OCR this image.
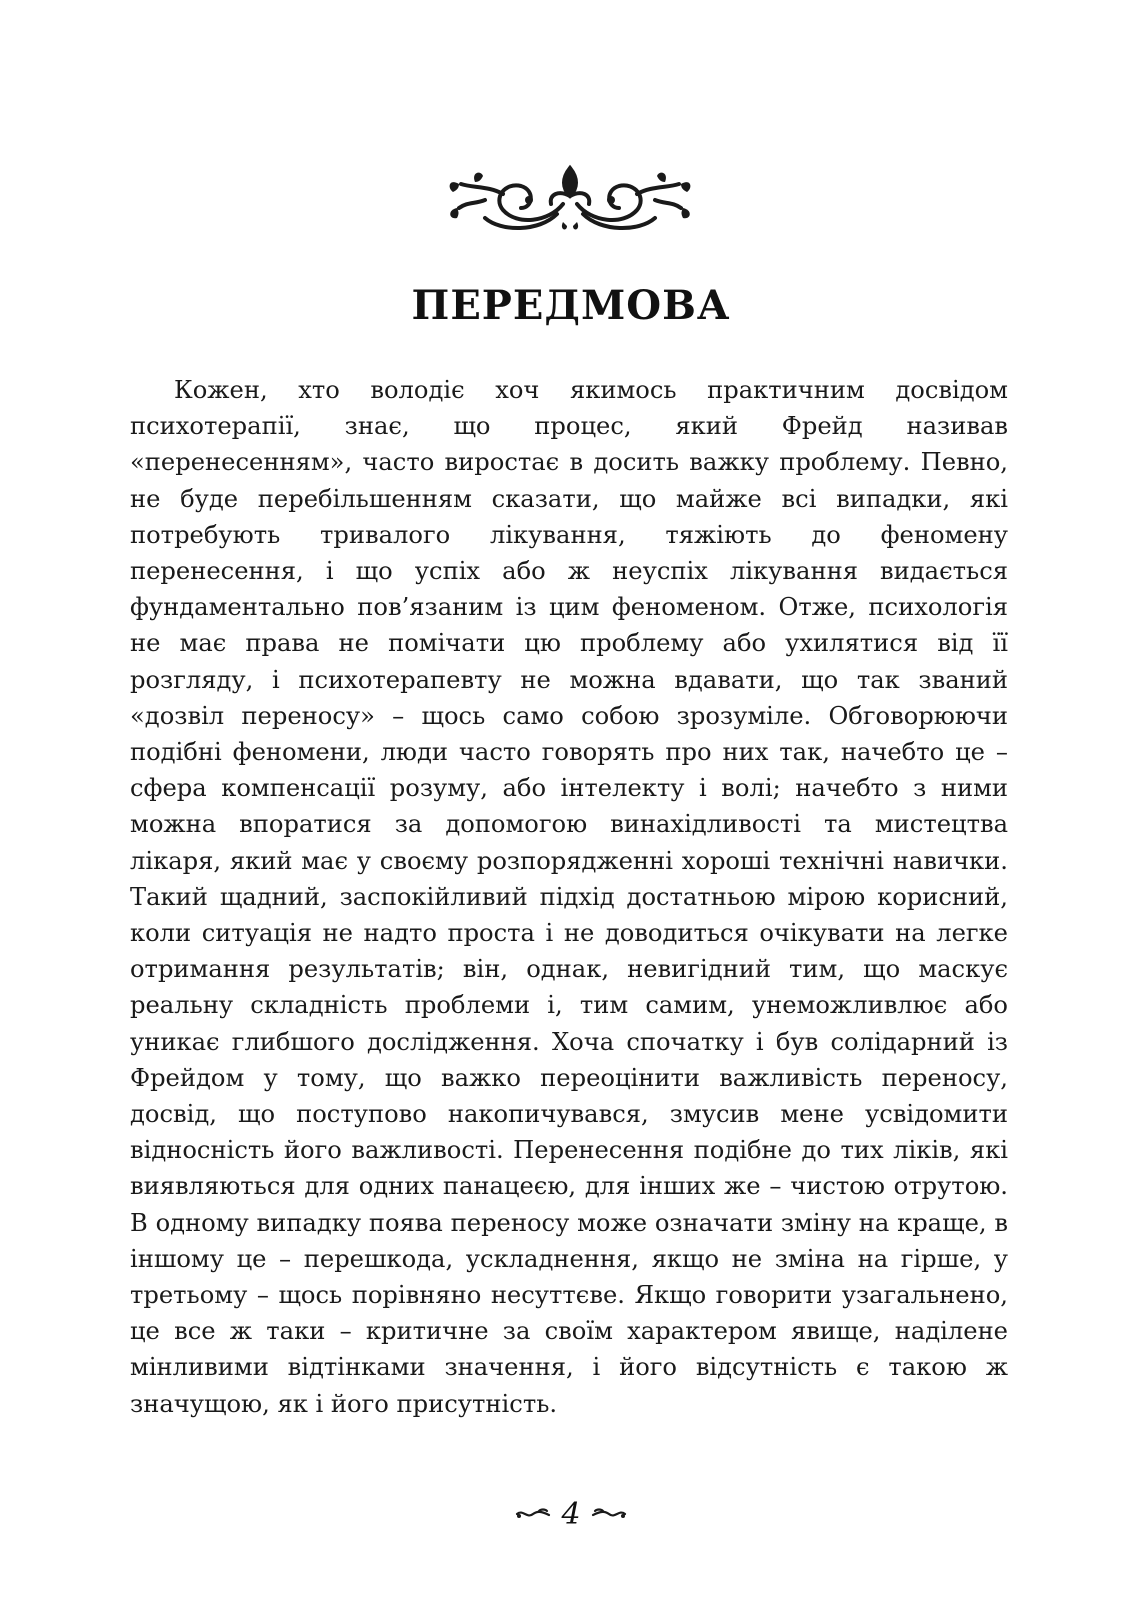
ПЕРЕДМОВА

Кожен, хто володіє хоч якимось практичним досвідом психотерапії, знає, що процес, який Фрейд називав «перенесенням», часто виростає в досить важку проблему. Певно, не буде перебільшенням сказати, що майже всі випадки, які потребують тривалого лікування, тяжіють до феномену перенесення, і що успіх або ж неуспіх лікування видається фундаментально пов’язаним із цим феноменом. Отже, психологія не має права не помічати цю проблему або ухилятися від її розгляду, і психотерапевту не можна вдавати, що так званий «дозвіл переносу» – щось само собою зрозуміле. Обговорюючи подібні феномени, люди часто говорять про них так, начебто це – сфера компенсації розуму, або інтелекту і волі; начебто з ними можна впоратися за допомогою винахідливості та мистецтва лікаря, який має у своєму розпорядженні хороші технічні навички. Такий щадний, заспокійливий підхід достатньою мірою корисний, коли ситуація не надто проста і не доводиться очікувати на легке отримання результатів; він, однак, невигідний тим, що маскує реальну складність проблеми і, тим самим, унеможливлює або уникає глибшого дослідження. Хоча спочатку і був солідарний із Фрейдом у тому, що важко переоцінити важливість переносу, досвід, що поступово накопичувався, змусив мене усвідомити відносність його важливості. Перенесення подібне до тих ліків, які виявляються для одних панацеєю, для інших же – чистою отрутою. В одному випадку поява переносу може означати зміну на краще, в іншому це – перешкода, ускладнення, якщо не зміна на гірше, у третьому – щось порівняно несуттєве. Якщо говорити узагальнено, це все ж таки – критичне за своїм характером явище, наділене мінливими відтінками значення, і його відсутність є такою ж значущою, як і його присутність.

4
